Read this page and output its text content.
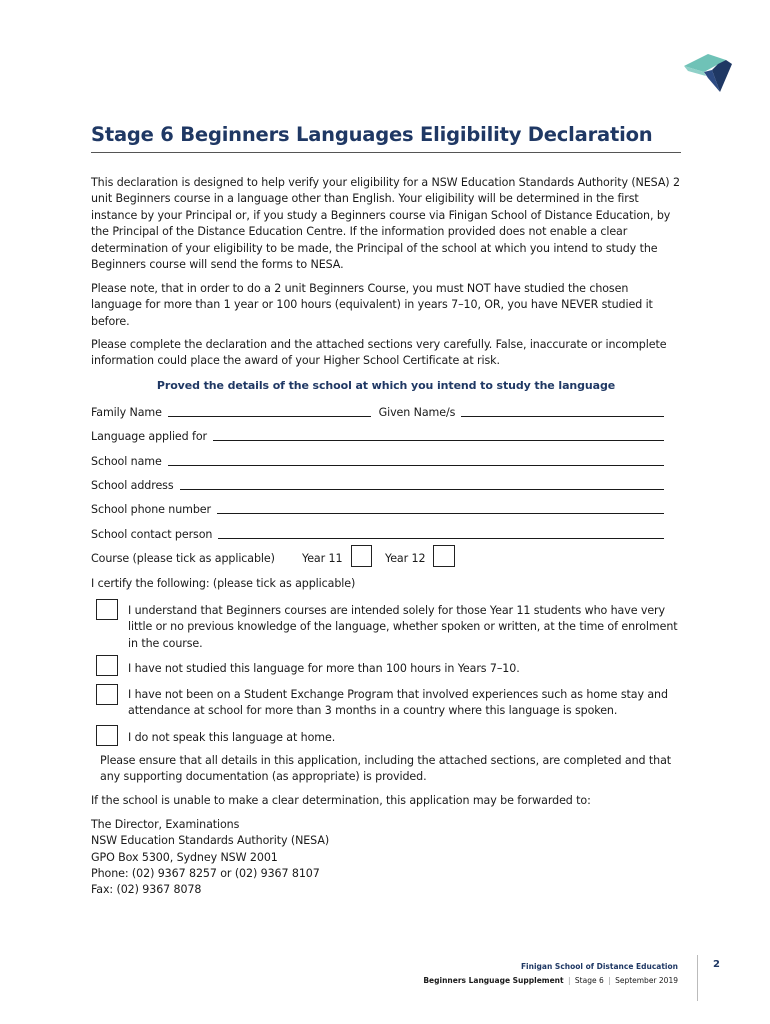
Stage 6 Beginners Languages Eligibility Declaration

This declaration is designed to help verify your eligibility for a NSW Education Standards Authority (NESA) 2 unit Beginners course in a language other than English. Your eligibility will be determined in the first instance by your Principal or, if you study a Beginners course via Finigan School of Distance Education, by the Principal of the Distance Education Centre. If the information provided does not enable a clear determination of your eligibility to be made, the Principal of the school at which you intend to study the Beginners course will send the forms to NESA.

Please note, that in order to do a 2 unit Beginners Course, you must NOT have studied the chosen language for more than 1 year or 100 hours (equivalent) in years 7–10, OR, you have NEVER studied it before.

Please complete the declaration and the attached sections very carefully. False, inaccurate or incomplete information could place the award of your Higher School Certificate at risk.

Proved the details of the school at which you intend to study the language
Family Name	Given Name/s
Language applied for
School name
School address
School phone number
School contact person
Course (please tick as applicable) Year 11	Year 12

I certify the following: (please tick as applicable)

I understand that Beginners courses are intended solely for those Year 11 students who have very little or no previous knowledge of the language, whether spoken or written, at the time of enrolment in the course.

I have not studied this language for more than 100 hours in Years 7–10.

I have not been on a Student Exchange Program that involved experiences such as home stay and attendance at school for more than 3 months in a country where this language is spoken.

I do not speak this language at home.

Please ensure that all details in this application, including the attached sections, are completed and that any supporting documentation (as appropriate) is provided.

If the school is unable to make a clear determination, this application may be forwarded to:

The Director, Examinations
NSW Education Standards Authority (NESA)
GPO Box 5300, Sydney NSW 2001
Phone: (02) 9367 8257 or (02) 9367 8107
Fax: (02) 9367 8078
Finigan School of Distance Education
Beginners Language Supplement | Stage 6 | September 2019
2
